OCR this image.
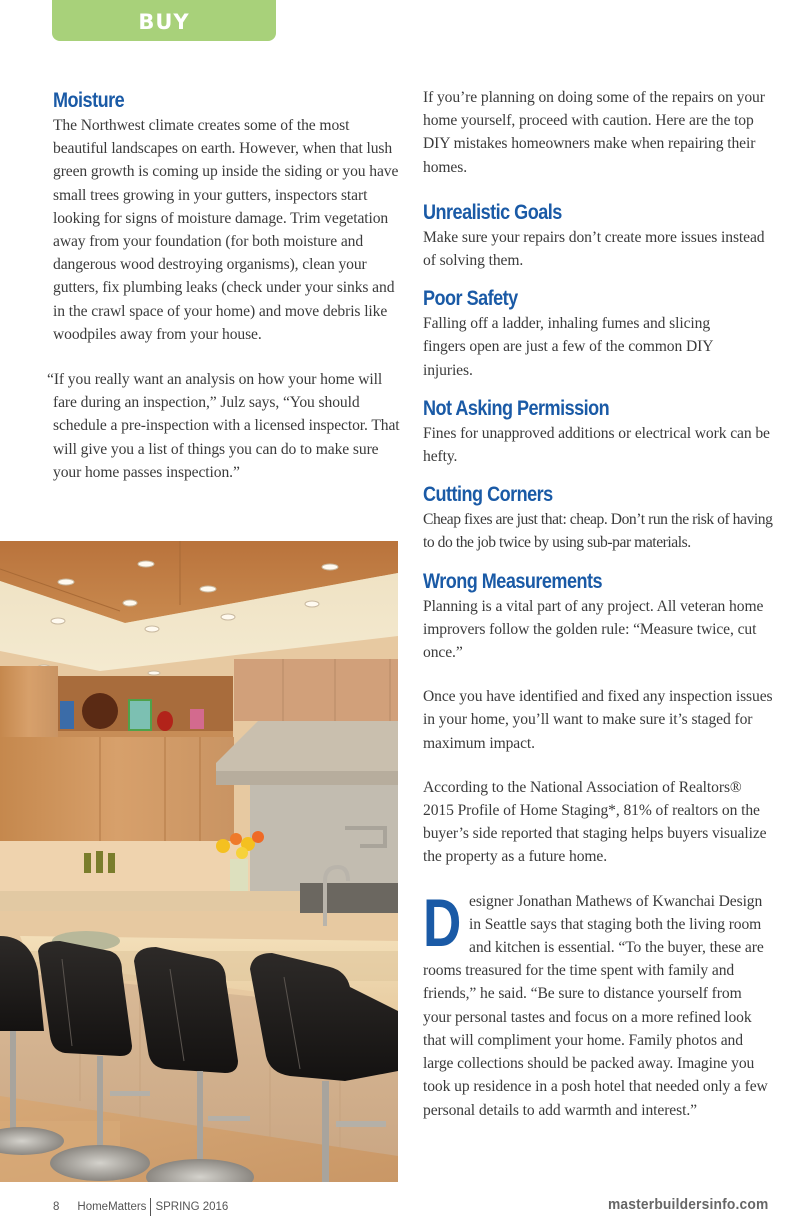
BUY
Moisture

The Northwest climate creates some of the most beautiful landscapes on earth. However, when that lush green growth is coming up inside the siding or you have small trees growing in your gutters, inspectors start looking for signs of moisture damage. Trim vegetation away from your foundation (for both moisture and dangerous wood destroying organisms), clean your gutters, fix plumbing leaks (check under your sinks and in the crawl space of your home) and move debris like woodpiles away from your house.

“If you really want an analysis on how your home will fare during an inspection,” Julz says, “You should schedule a pre-inspection with a licensed inspector. That will give you a list of things you can do to make sure your home passes inspection.”

If you’re planning on doing some of the repairs on your home yourself, proceed with caution. Here are the top DIY mistakes homeowners make when repairing their homes.

Unrealistic Goals

Make sure your repairs don’t create more issues instead of solving them.

Poor Safety

Falling off a ladder, inhaling fumes and slicing fingers open are just a few of the common DIY injuries.

Not Asking Permission

Fines for unapproved additions or electrical work can be hefty.

Cutting Corners

Cheap fixes are just that: cheap. Don’t run the risk of having to do the job twice by using sub-par materials.

Wrong Measurements

Planning is a vital part of any project. All veteran home improvers follow the golden rule: “Measure twice, cut once.”

Once you have identified and fixed any inspection issues in your home, you’ll want to make sure it’s staged for maximum impact.

According to the National Association of Realtors® 2015 Profile of Home Staging*, 81% of realtors on the buyer’s side reported that staging helps buyers visualize the property as a future home.

D esigner Jonathan Mathews of Kwanchai Design in Seattle says that staging both the living room and kitchen is essential. “To the buyer, these are rooms treasured for the time spent with family and friends,” he said. “Be sure to distance yourself from your personal tastes and focus on a more refined look that will compliment your home. Family photos and large collections should be packed away. Imagine you took up residence in a posh hotel that needed only a few personal details to add warmth and interest.”

8 HomeMatters SPRING 2016	masterbuildersinfo.com
